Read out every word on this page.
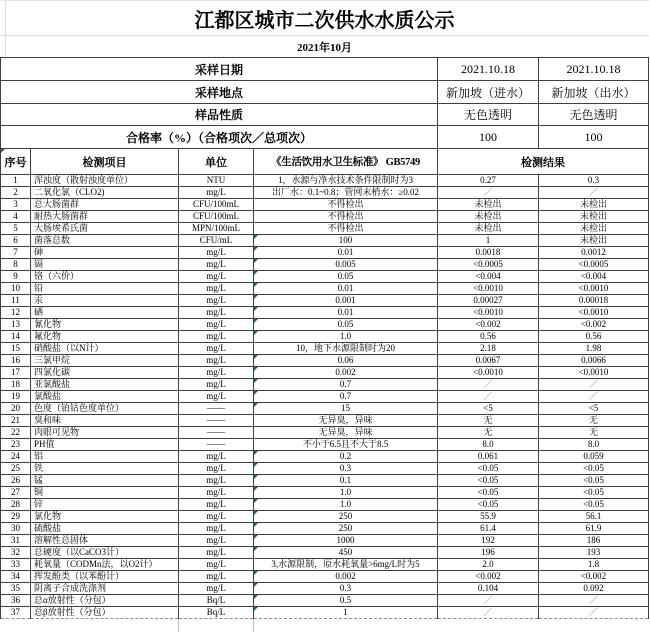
江都区城市二次供水水质公示					
2021年10月					
采样日期				2021.10.18	2021.10.18
采样地点				新加坡（进水）	新加坡（出水）
样品性质				无色透明	无色透明
合格率（%）（合格项次／总项次）				100	100

序号	检测项目	单位	《生活饮用水卫生标准》 GB5749	检测结果	
1	浑浊度（散射浊度单位）	NTU	1，水源与净水技术条件限制时为3	0.27	0.3
2	二氧化氯（CLO2)	mg/L	出厂水：0.1~0.8；管网末梢水：≥0.02	／	／
3	总大肠菌群	CFU/100mL	不得检出	未检出	未检出
4	耐热大肠菌群	CFU/100mL	不得检出	未检出	未检出
5	大肠埃希氏菌	MPN/100mL	不得检出	未检出	未检出
6	菌落总数	CFU/mL	100	1	未检出
7	砷	mg/L	0.01	0.0018	0.0012
8	镉	mg/L	0.005	<0.0005	<0.0005
9	铬（六价）	mg/L	0.05	<0.004	<0.004
10	铅	mg/L	0.01	<0.0010	<0.0010
11	汞	mg/L	0.001	0.00027	0.00018
12	硒	mg/L	0.01	<0.0010	<0.0010
13	氰化物	mg/L	0.05	<0.002	<0.002
14	氟化物	mg/L	1.0	0.56	0.56
15	硝酸盐（以N计）	mg/L	10，地下水源限制时为20	2.18	1.98
16	三氯甲烷	mg/L	0.06	0.0067	0.0066
17	四氯化碳	mg/L	0.002	<0.0010	<0.0010
18	亚氯酸盐	mg/L	0.7	／	／
19	氯酸盐	mg/L	0.7	／	／
20	色度（铂钴色度单位）	——	15	<5	<5
21	臭和味	——	无异臭，异味	无	无
22	肉眼可见物	——	无异臭，异味	无	无
23	PH值	——	不小于6.5且不大于8.5	8.0	8.0
24	铝	mg/L	0.2	0.061	0.059
25	铁	mg/L	0.3	<0.05	<0.05
26	锰	mg/L	0.1	<0.05	<0.05
27	铜	mg/L	1.0	<0.05	<0.05
28	锌	mg/L	1.0	<0.05	<0.05
29	氯化物	mg/L	250	55.9	56.1
30	硫酸盐	mg/L	250	61.4	61.9
31	溶解性总固体	mg/L	1000	192	186
32	总硬度（以CaCO3计）	mg/L	450	196	193
33	耗氧量（CODMn法，以O2计）	mg/L	3,水源限制，原水耗氧量>6mg/L时为5	2.0	1.8
34	挥发酚类（以苯酚计）	mg/L	0.002	<0.002	<0.002
35	阴离子合成洗涤剂	mg/L	0.3	0.104	0.092
36	总α放射性（分包）	Bq/L	0.5	／	／
37	总β放射性（分包）	Bq/L	1	／	／
